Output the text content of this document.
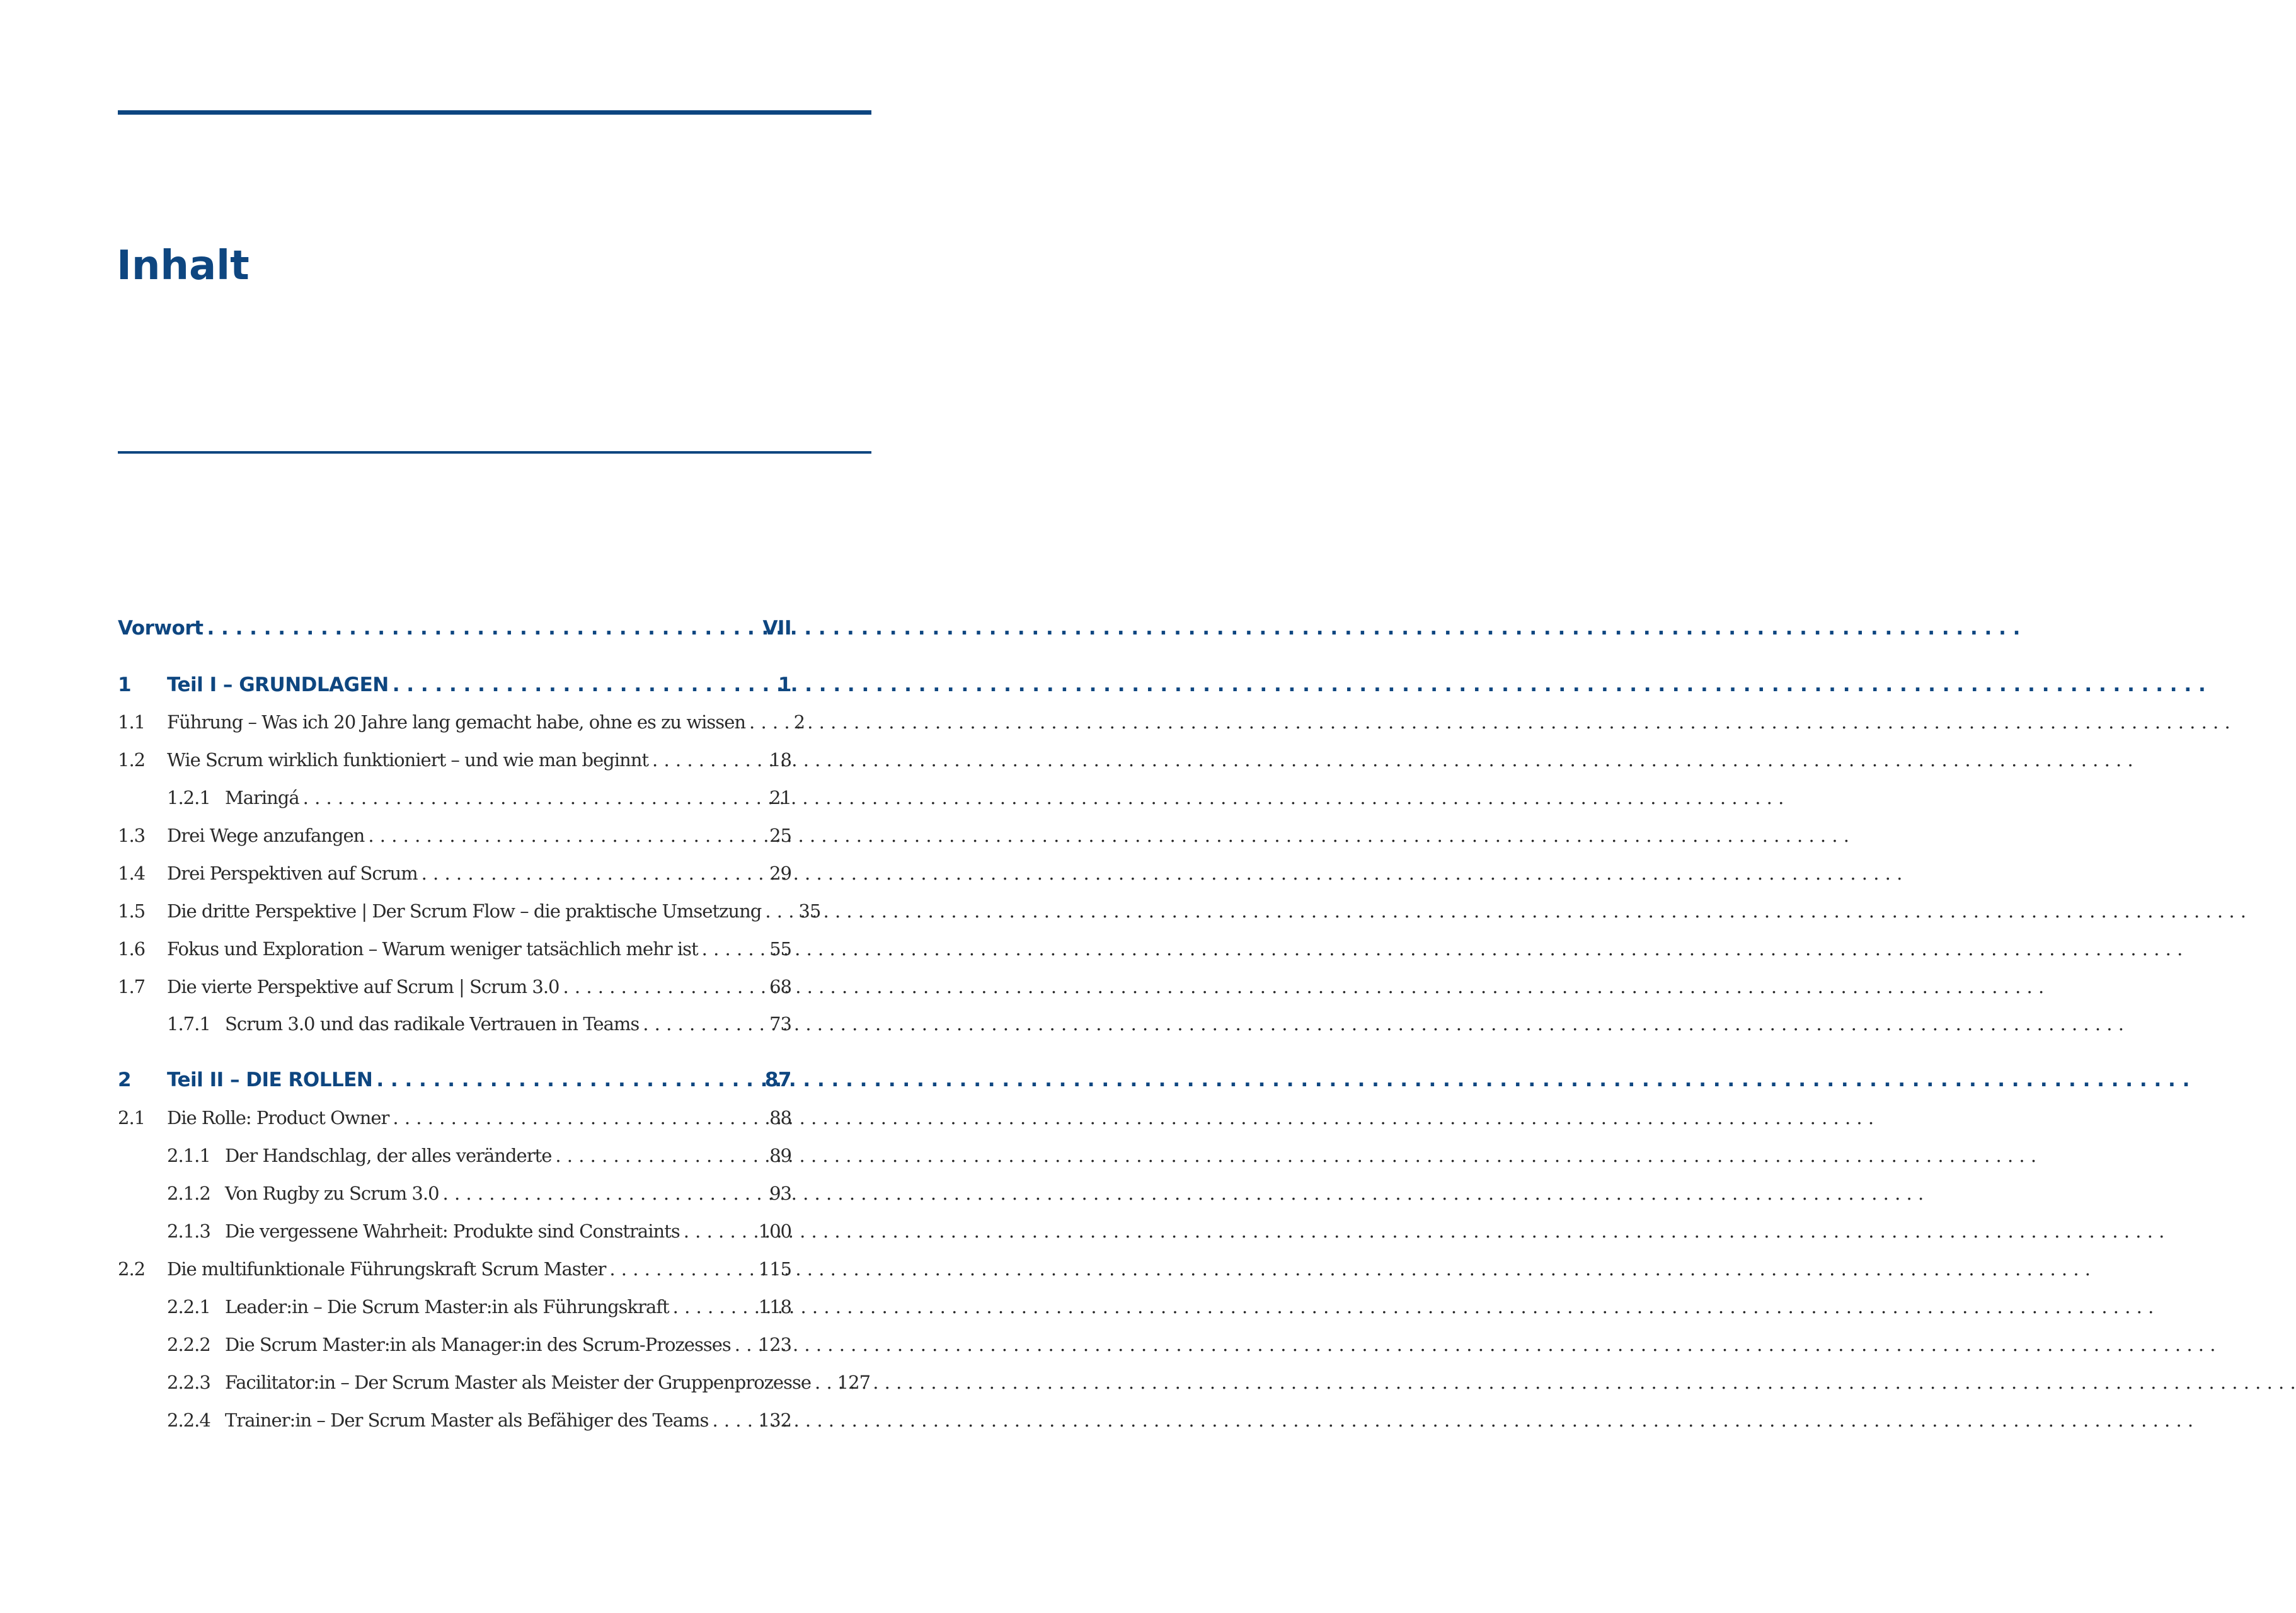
Inhalt
Vorwort . . .	VII
1	Teil I – GRUNDLAGEN . . .	1
1.1	Führung – Was ich 20 Jahre lang gemacht habe, ohne es zu wissen . . .	2
1.2	Wie Scrum wirklich funktioniert – und wie man beginnt . . .	18
1.2.1 Maringá . . .	21
1.3	Drei Wege anzufangen . . .	25
1.4	Drei Perspektiven auf Scrum . . .	29
1.5	Die dritte Perspektive | Der Scrum Flow – die praktische Umsetzung . . .	35
1.6	Fokus und Exploration – Warum weniger tatsächlich mehr ist . . .	55
1.7	Die vierte Perspektive auf Scrum | Scrum 3.0 . . .	68
1.7.1 Scrum 3.0 und das radikale Vertrauen in Teams . . .	73
2	Teil II – DIE ROLLEN . . .	87
2.1	Die Rolle: Product Owner . . .	88
2.1.1 Der Handschlag, der alles veränderte . . .	89
2.1.2 Von Rugby zu Scrum 3.0 . . .	93
2.1.3 Die vergessene Wahrheit: Produkte sind Constraints . . .	100
2.2	Die multifunktionale Führungskraft Scrum Master . . .	115
2.2.1 Leader:in – Die Scrum Master:in als Führungskraft . . .	118
2.2.2 Die Scrum Master:in als Manager:in des Scrum-Prozesses . . .	123
2.2.3 Facilitator:in – Der Scrum Master als Meister der Gruppenprozesse . . .	127
2.2.4 Trainer:in – Der Scrum Master als Befähiger des Teams . . .	132
